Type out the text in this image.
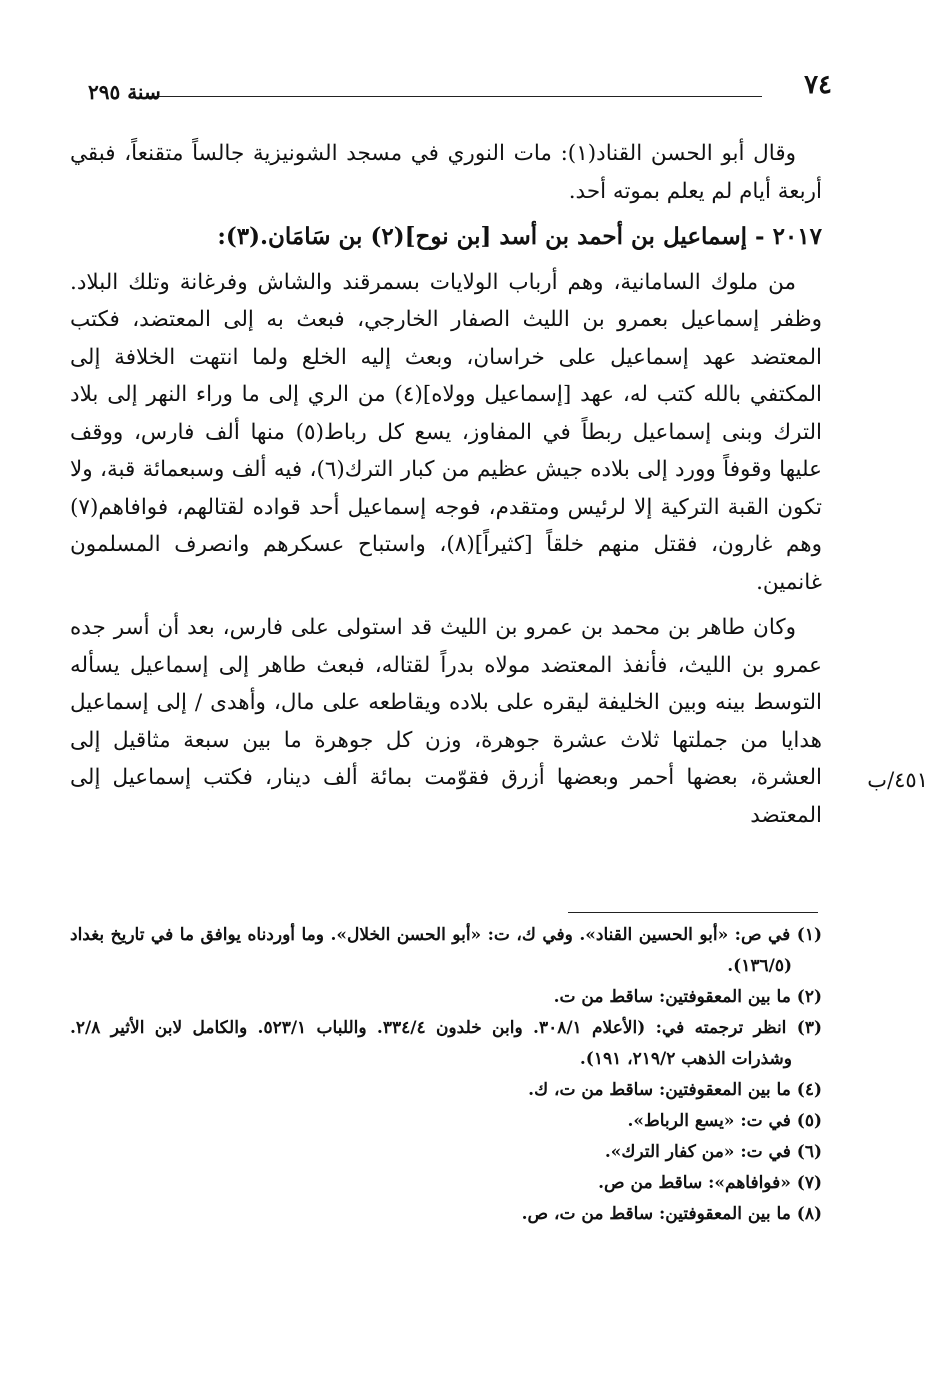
٧٤
سنة ٢٩٥

وقال أبو الحسن القناد(١): مات النوري في مسجد الشونيزية جالساً متقنعاً، فبقي أربعة أيام لم يعلم بموته أحد.

٢٠١٧ - إسماعيل بن أحمد بن أسد [بن نوح](٢) بن سَامَان.(٣):

من ملوك السامانية، وهم أرباب الولايات بسمرقند والشاش وفرغانة وتلك البلاد. وظفر إسماعيل بعمرو بن الليث الصفار الخارجي، فبعث به إلى المعتضد، فكتب المعتضد عهد إسماعيل على خراسان، وبعث إليه الخلع ولما انتهت الخلافة إلى المكتفي بالله كتب له، عهد [إسماعيل وولاه](٤) من الري إلى ما وراء النهر إلى بلاد الترك وبنى إسماعيل ربطاً في المفاوز، يسع كل رباط(٥) منها ألف فارس، ووقف عليها وقوفاً وورد إلى بلاده جيش عظيم من كبار الترك(٦)، فيه ألف وسبعمائة قبة، ولا تكون القبة التركية إلا لرئيس ومتقدم، فوجه إسماعيل أحد قواده لقتالهم، فوافاهم(٧) وهم غارون، فقتل منهم خلقاً [كثيراً](٨)، واستباح عسكرهم وانصرف المسلمون غانمين.

وكان طاهر بن محمد بن عمرو بن الليث قد استولى على فارس، بعد أن أسر جده عمرو بن الليث، فأنفذ المعتضد مولاه بدراً لقتاله، فبعث طاهر إلى إسماعيل يسأله التوسط بينه وبين الخليفة ليقره على بلاده ويقاطعه على مال، وأهدى / إلى إسماعيل هدايا من جملتها ثلاث عشرة جوهرة، وزن كل جوهرة ما بين سبعة مثاقيل إلى العشرة، بعضها أحمر وبعضها أزرق فقوّمت بمائة ألف دينار، فكتب إسماعيل إلى المعتضد

٤٥١/ب

(١) في ص: «أبو الحسين القناد». وفي ك، ت: «أبو الحسن الخلال». وما أوردناه يوافق ما في تاريخ بغداد (١٣٦/٥).

(٢) ما بين المعقوفتين: ساقط من ت.

(٣) انظر ترجمته في: (الأعلام ٣٠٨/١. وابن خلدون ٣٣٤/٤. واللباب ٥٢٣/١. والكامل لابن الأثير ٢/٨. وشذرات الذهب ٢١٩/٢، ١٩١).

(٤) ما بين المعقوفتين: ساقط من ت، ك.

(٥) في ت: «يسع الرباط».

(٦) في ت: «من كفار الترك».

(٧) «فوافاهم»: ساقط من ص.

(٨) ما بين المعقوفتين: ساقط من ت، ص.
